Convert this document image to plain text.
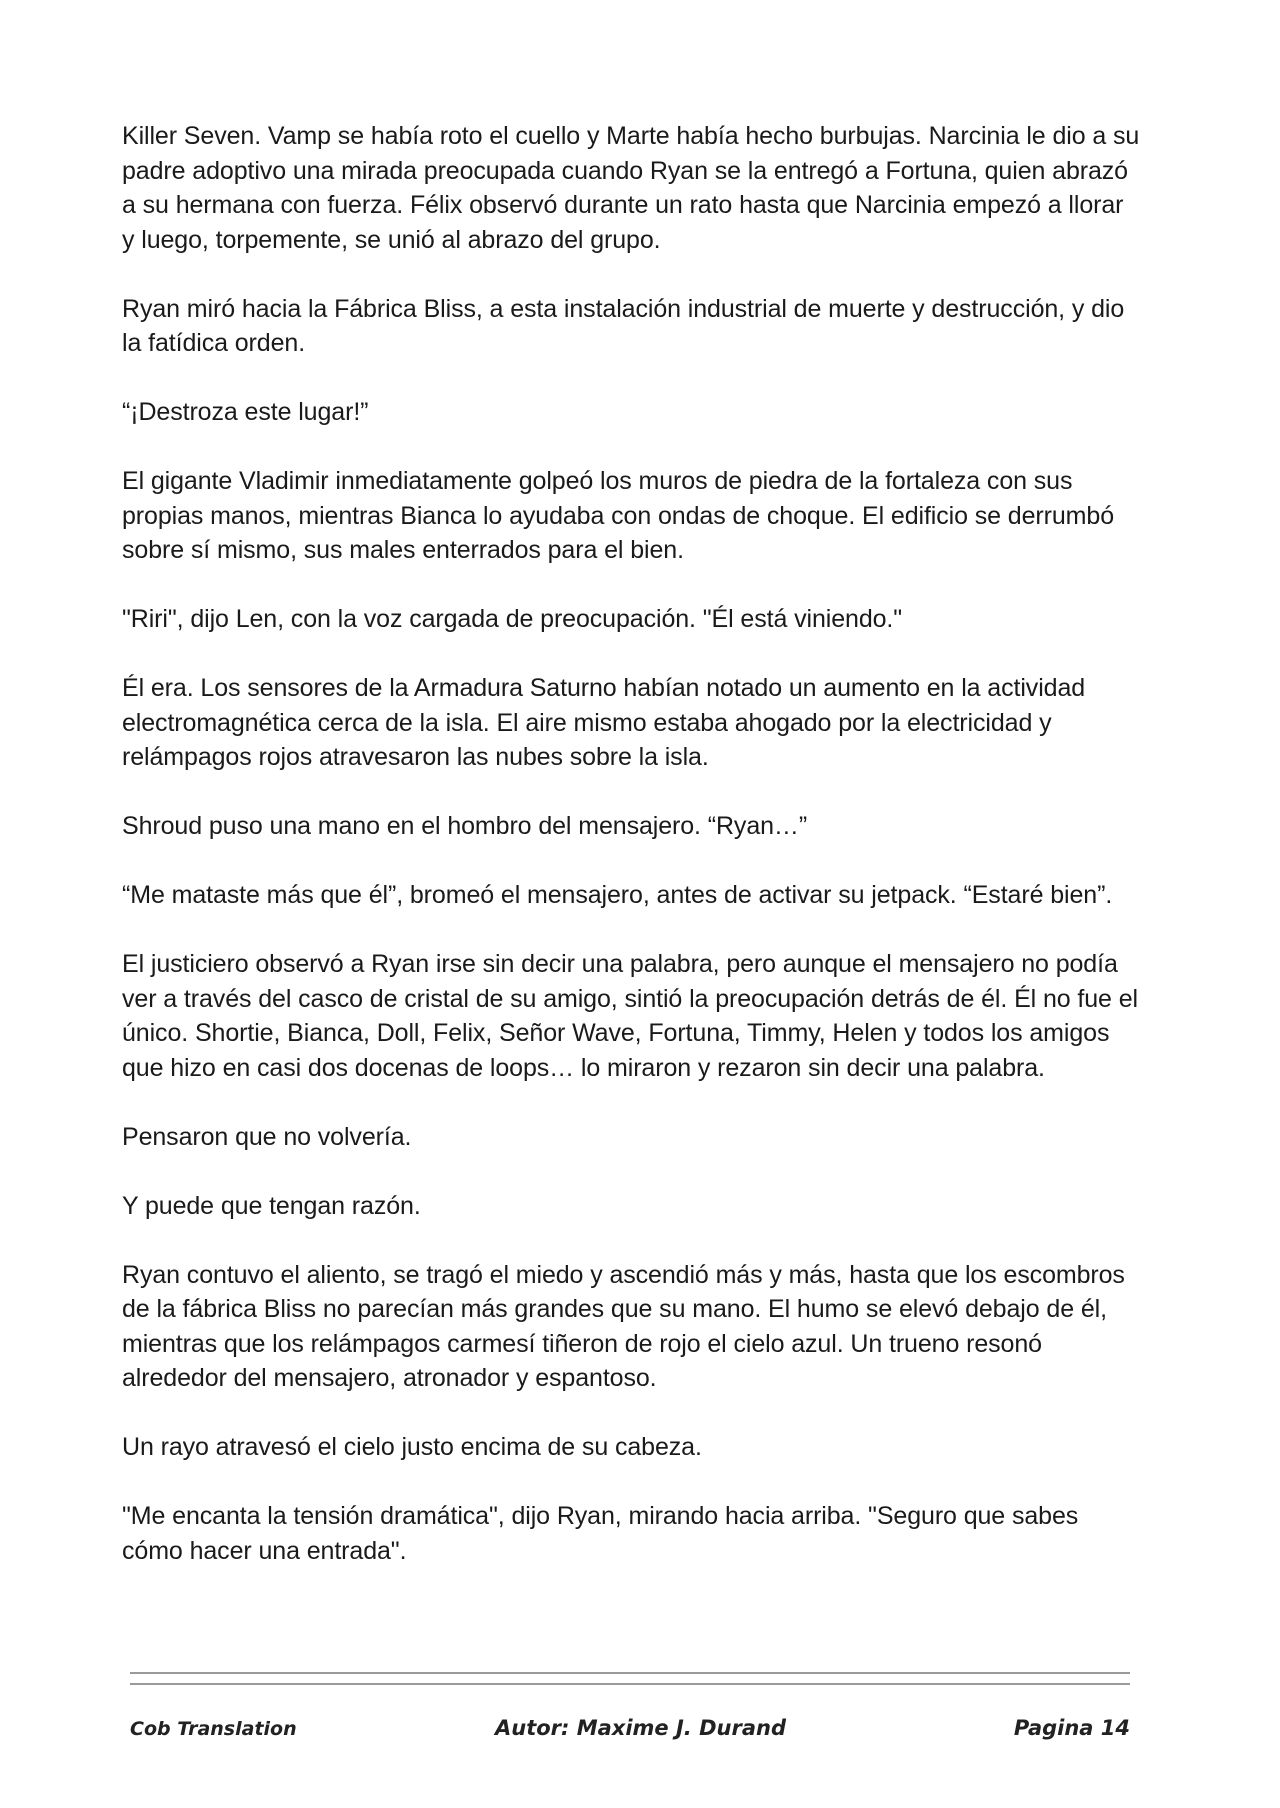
Killer Seven. Vamp se había roto el cuello y Marte había hecho burbujas. Narcinia le dio a su padre adoptivo una mirada preocupada cuando Ryan se la entregó a Fortuna, quien abrazó a su hermana con fuerza. Félix observó durante un rato hasta que Narcinia empezó a llorar y luego, torpemente, se unió al abrazo del grupo.

Ryan miró hacia la Fábrica Bliss, a esta instalación industrial de muerte y destrucción, y dio la fatídica orden.

“¡Destroza este lugar!”

El gigante Vladimir inmediatamente golpeó los muros de piedra de la fortaleza con sus propias manos, mientras Bianca lo ayudaba con ondas de choque. El edificio se derrumbó sobre sí mismo, sus males enterrados para el bien.

"Riri", dijo Len, con la voz cargada de preocupación. "Él está viniendo."

Él era. Los sensores de la Armadura Saturno habían notado un aumento en la actividad electromagnética cerca de la isla. El aire mismo estaba ahogado por la electricidad y relámpagos rojos atravesaron las nubes sobre la isla.

Shroud puso una mano en el hombro del mensajero. “Ryan…”

“Me mataste más que él”, bromeó el mensajero, antes de activar su jetpack. “Estaré bien”.

El justiciero observó a Ryan irse sin decir una palabra, pero aunque el mensajero no podía ver a través del casco de cristal de su amigo, sintió la preocupación detrás de él. Él no fue el único. Shortie, Bianca, Doll, Felix, Señor Wave, Fortuna, Timmy, Helen y todos los amigos que hizo en casi dos docenas de loops… lo miraron y rezaron sin decir una palabra.

Pensaron que no volvería.

Y puede que tengan razón.

Ryan contuvo el aliento, se tragó el miedo y ascendió más y más, hasta que los escombros de la fábrica Bliss no parecían más grandes que su mano. El humo se elevó debajo de él, mientras que los relámpagos carmesí tiñeron de rojo el cielo azul. Un trueno resonó alrededor del mensajero, atronador y espantoso.

Un rayo atravesó el cielo justo encima de su cabeza.

"Me encanta la tensión dramática", dijo Ryan, mirando hacia arriba. "Seguro que sabes cómo hacer una entrada".

Cob Translation	Autor: Maxime J. Durand	Pagina 14
